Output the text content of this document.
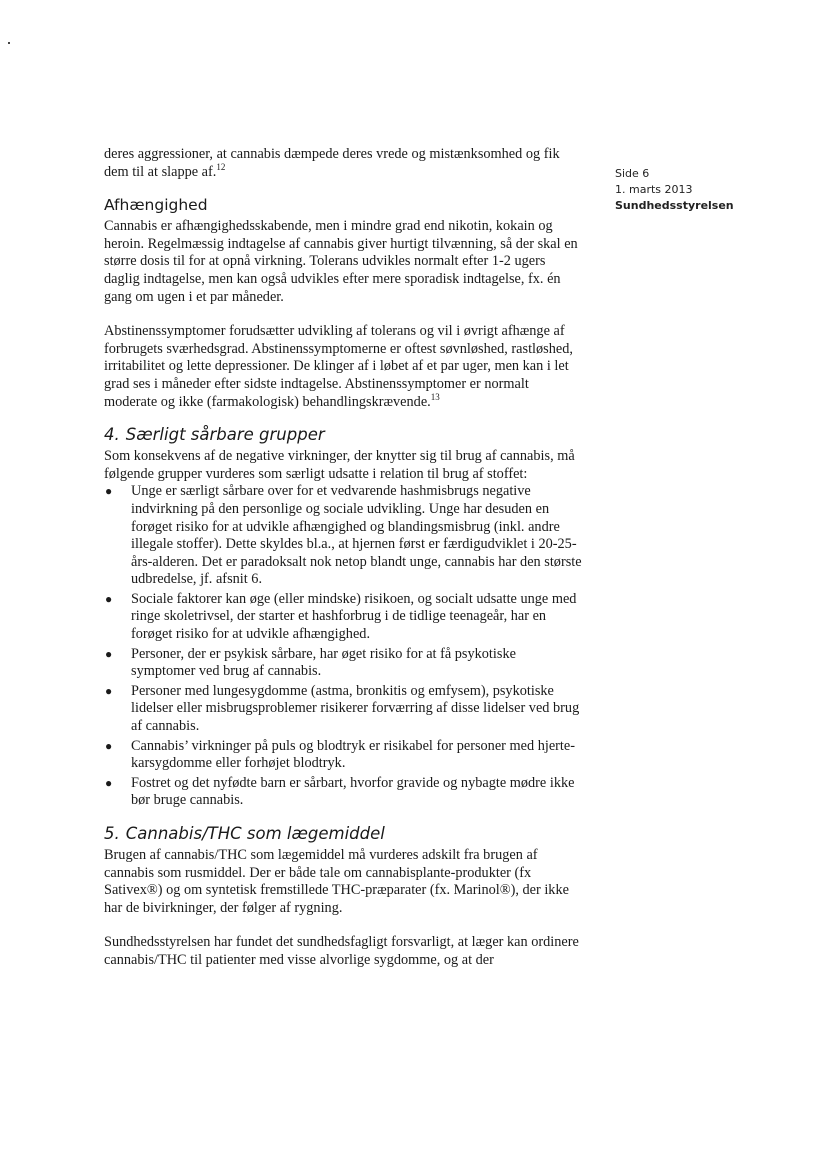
Side 6
1. marts 2013
Sundhedsstyrelsen

deres aggressioner, at cannabis dæmpede deres vrede og mistænksomhed og fik dem til at slappe af.$^{12}$

Afhængighed

Cannabis er afhængighedsskabende, men i mindre grad end nikotin, kokain og heroin. Regelmæssig indtagelse af cannabis giver hurtigt tilvænning, så der skal en større dosis til for at opnå virkning. Tolerans udvikles normalt efter 1-2 ugers daglig indtagelse, men kan også udvikles efter mere sporadisk indtagelse, fx. én gang om ugen i et par måneder.

Abstinenssymptomer forudsætter udvikling af tolerans og vil i øvrigt afhænge af forbrugets sværhedsgrad. Abstinenssymptomerne er oftest søvnløshed, rastløshed, irritabilitet og lette depressioner. De klinger af i løbet af et par uger, men kan i let grad ses i måneder efter sidste indtagelse. Abstinenssymptomer er normalt moderate og ikke (farmakologisk) behandlingskrævende.$^{13}$

4. Særligt sårbare grupper

Som konsekvens af de negative virkninger, der knytter sig til brug af cannabis, må følgende grupper vurderes som særligt udsatte i relation til brug af stoffet:

● Unge er særligt sårbare over for et vedvarende hashmisbrugs negative indvirkning på den personlige og sociale udvikling. Unge har desuden en forøget risiko for at udvikle afhængighed og blandingsmisbrug (inkl. andre illegale stoffer). Dette skyldes bl.a., at hjernen først er færdigudviklet i 20-25-års-alderen. Det er paradoksalt nok netop blandt unge, cannabis har den største udbredelse, jf. afsnit 6.
● Sociale faktorer kan øge (eller mindske) risikoen, og socialt udsatte unge med ringe skoletrivsel, der starter et hashforbrug i de tidlige teenageår, har en forøget risiko for at udvikle afhængighed.
● Personer, der er psykisk sårbare, har øget risiko for at få psykotiske symptomer ved brug af cannabis.
● Personer med lungesygdomme (astma, bronkitis og emfysem), psykotiske lidelser eller misbrugsproblemer risikerer forværring af disse lidelser ved brug af cannabis.
● Cannabis’ virkninger på puls og blodtryk er risikabel for personer med hjerte-karsygdomme eller forhøjet blodtryk.
● Fostret og det nyfødte barn er sårbart, hvorfor gravide og nybagte mødre ikke bør bruge cannabis.
5. Cannabis/THC som lægemiddel

Brugen af cannabis/THC som lægemiddel må vurderes adskilt fra brugen af cannabis som rusmiddel. Der er både tale om cannabisplante-produkter (fx Sativex®) og om syntetisk fremstillede THC-præparater (fx. Marinol®), der ikke har de bivirkninger, der følger af rygning.

Sundhedsstyrelsen har fundet det sundhedsfagligt forsvarligt, at læger kan ordinere cannabis/THC til patienter med visse alvorlige sygdomme, og at der
